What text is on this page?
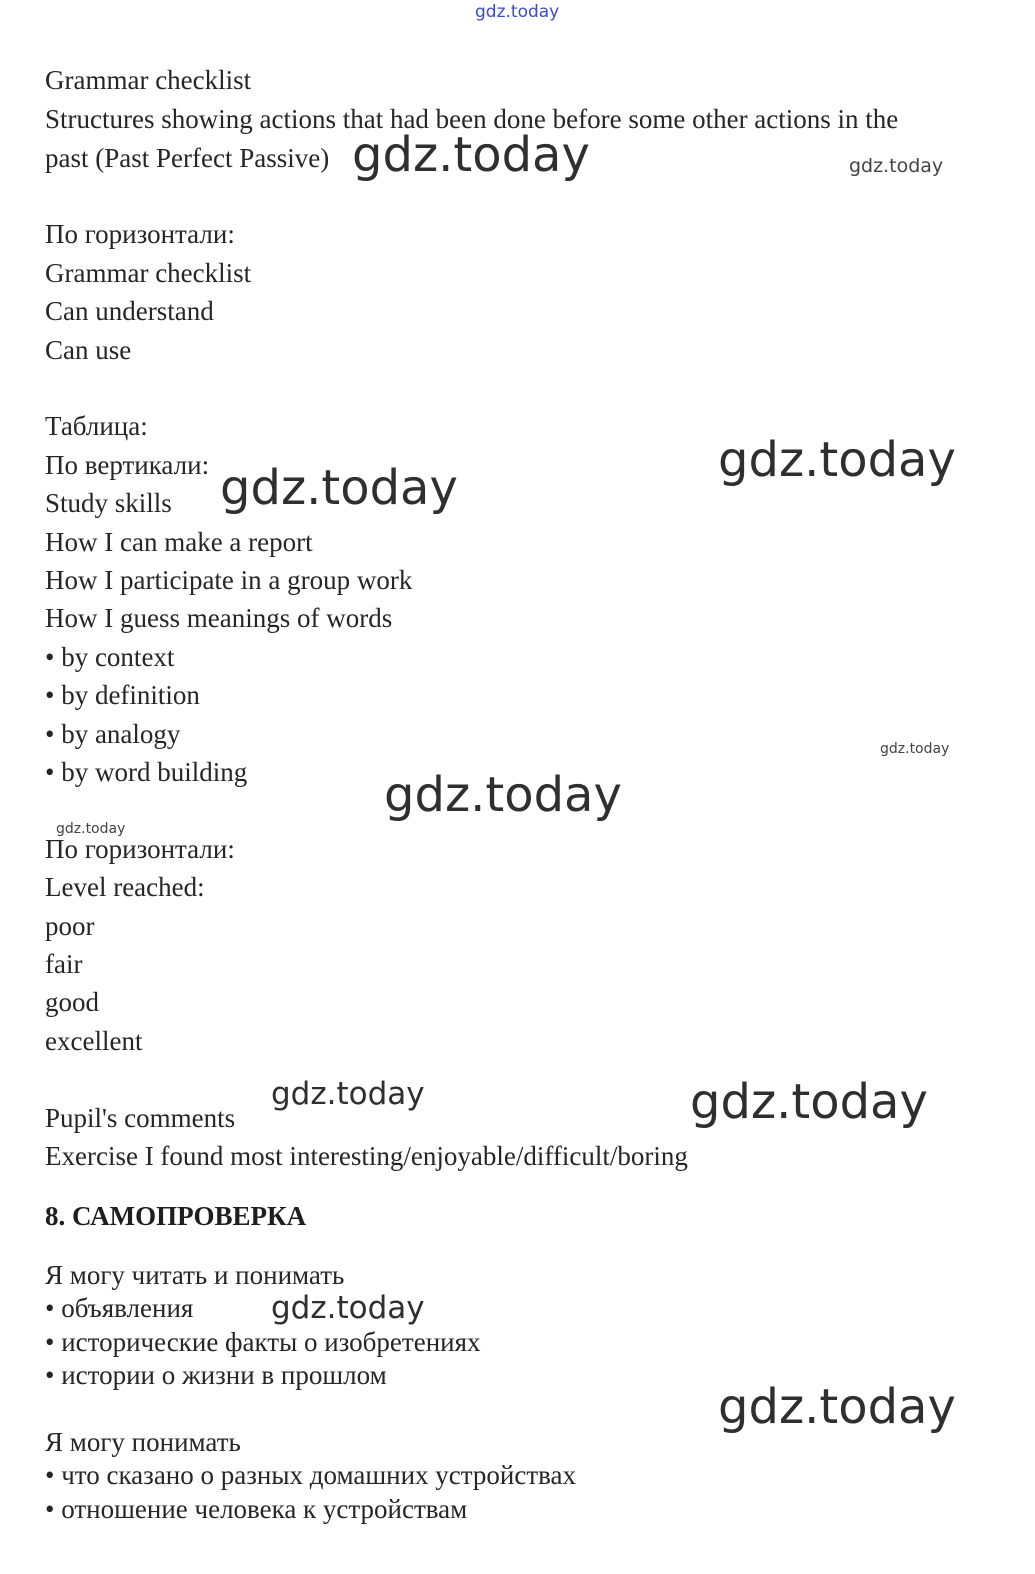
Grammar checklist
Structures showing actions that had been done before some other actions in the
past (Past Perfect Passive)
По горизонтали:
Grammar checklist
Can understand
Can use
Таблица:
По вертикали:
Study skills
How I can make a report
How I participate in a group work
How I guess meanings of words
• by context
• by definition
• by analogy
• by word building
По горизонтали:
Level reached:
poor
fair
good
excellent
Pupil's comments
Exercise I found most interesting/enjoyable/difficult/boring
8. САМОПРОВЕРКА
Я могу читать и понимать
• объявления
• исторические факты о изобретениях
• истории о жизни в прошлом
Я могу понимать
• что сказано о разных домашних устройствах
• отношение человека к устройствам
gdz.today
gdz.today	gdz.today
gdz.today
gdz.today
gdz.today
gdz.today
gdz.today
gdz.today	gdz.today
gdz.today
gdz.today
